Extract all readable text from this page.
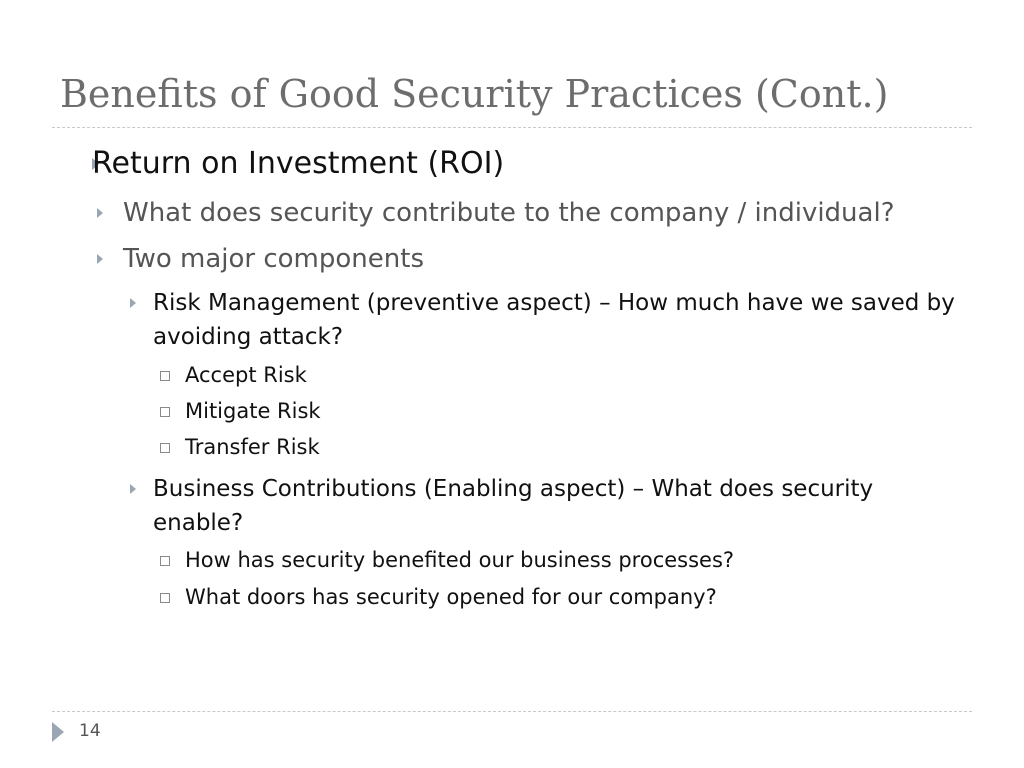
Benefits of Good Security Practices (Cont.)
Return on Investment (ROI)
What does security contribute to the company / individual?
Two major components
Risk Management (preventive aspect) – How much have we saved by
avoiding attack?
Accept Risk
Mitigate Risk
Transfer Risk
Business Contributions (Enabling aspect) – What does security
enable?
How has security benefited our business processes?
What doors has security opened for our company?
14
